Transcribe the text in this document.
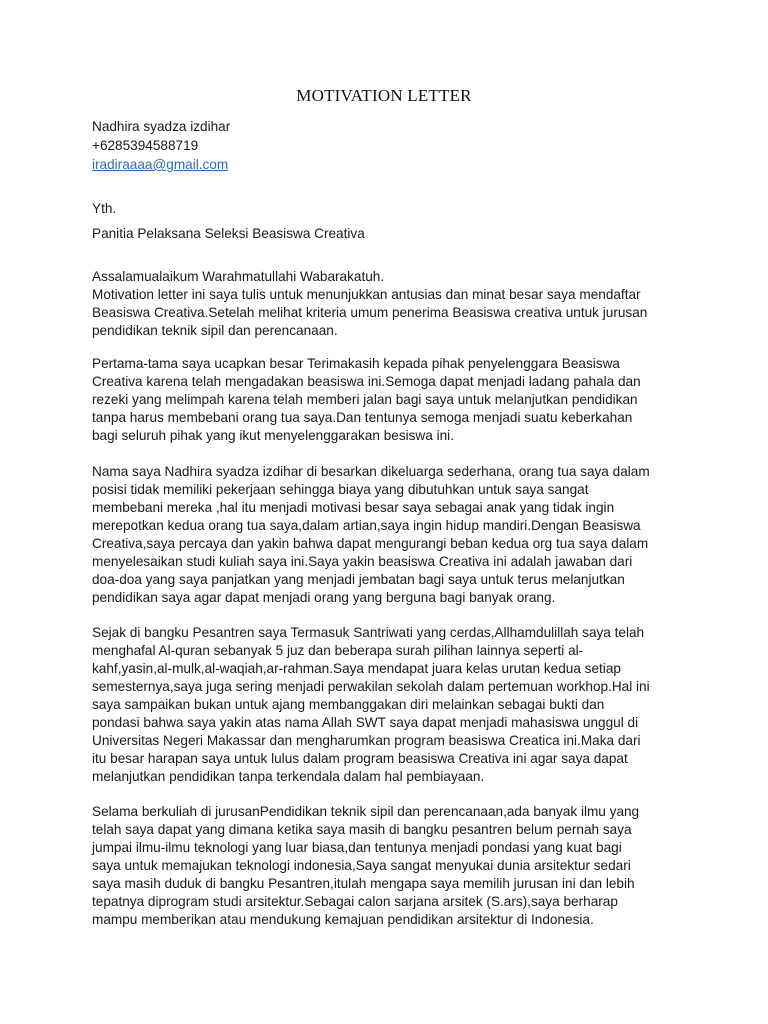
MOTIVATION LETTER
Nadhira syadza izdihar
+6285394588719
iradiraaaa@gmail.com
Yth.
Panitia Pelaksana Seleksi Beasiswa Creativa
Assalamualaikum Warahmatullahi Wabarakatuh.
Motivation letter ini saya tulis untuk menunjukkan antusias dan minat besar saya mendaftar
Beasiswa Creativa.Setelah melihat kriteria umum penerima Beasiswa creativa untuk jurusan
pendidikan teknik sipil dan perencanaan.
Pertama-tama saya ucapkan besar Terimakasih kepada pihak penyelenggara Beasiswa
Creativa karena telah mengadakan beasiswa ini.Semoga dapat menjadi ladang pahala dan
rezeki yang melimpah karena telah memberi jalan bagi saya untuk melanjutkan pendidikan
tanpa harus membebani orang tua saya.Dan tentunya semoga menjadi suatu keberkahan
bagi seluruh pihak yang ikut menyelenggarakan besiswa ini.
Nama saya Nadhira syadza izdihar di besarkan dikeluarga sederhana, orang tua saya dalam
posisi tidak memiliki pekerjaan sehingga biaya yang dibutuhkan untuk saya sangat
membebani mereka ,hal itu menjadi motivasi besar saya sebagai anak yang tidak ingin
merepotkan kedua orang tua saya,dalam artian,saya ingin hidup mandiri.Dengan Beasiswa
Creativa,saya percaya dan yakin bahwa dapat mengurangi beban kedua org tua saya dalam
menyelesaikan studi kuliah saya ini.Saya yakin beasiswa Creativa ini adalah jawaban dari
doa-doa yang saya panjatkan yang menjadi jembatan bagi saya untuk terus melanjutkan
pendidikan saya agar dapat menjadi orang yang berguna bagi banyak orang.
Sejak di bangku Pesantren saya Termasuk Santriwati yang cerdas,Allhamdulillah saya telah
menghafal Al-quran sebanyak 5 juz dan beberapa surah pilihan lainnya seperti al-
kahf,yasin,al-mulk,al-waqiah,ar-rahman.Saya mendapat juara kelas urutan kedua setiap
semesternya,saya juga sering menjadi perwakilan sekolah dalam pertemuan workhop.Hal ini
saya sampaikan bukan untuk ajang membanggakan diri melainkan sebagai bukti dan
pondasi bahwa saya yakin atas nama Allah SWT saya dapat menjadi mahasiswa unggul di
Universitas Negeri Makassar dan mengharumkan program beasiswa Creatica ini.Maka dari
itu besar harapan saya untuk lulus dalam program beasiswa Creativa ini agar saya dapat
melanjutkan pendidikan tanpa terkendala dalam hal pembiayaan.
Selama berkuliah di jurusanPendidikan teknik sipil dan perencanaan,ada banyak ilmu yang
telah saya dapat yang dimana ketika saya masih di bangku pesantren belum pernah saya
jumpai ilmu-ilmu teknologi yang luar biasa,dan tentunya menjadi pondasi yang kuat bagi
saya untuk memajukan teknologi indonesia,Saya sangat menyukai dunia arsitektur sedari
saya masih duduk di bangku Pesantren,itulah mengapa saya memilih jurusan ini dan lebih
tepatnya diprogram studi arsitektur.Sebagai calon sarjana arsitek (S.ars),saya berharap
mampu memberikan atau mendukung kemajuan pendidikan arsitektur di Indonesia.
